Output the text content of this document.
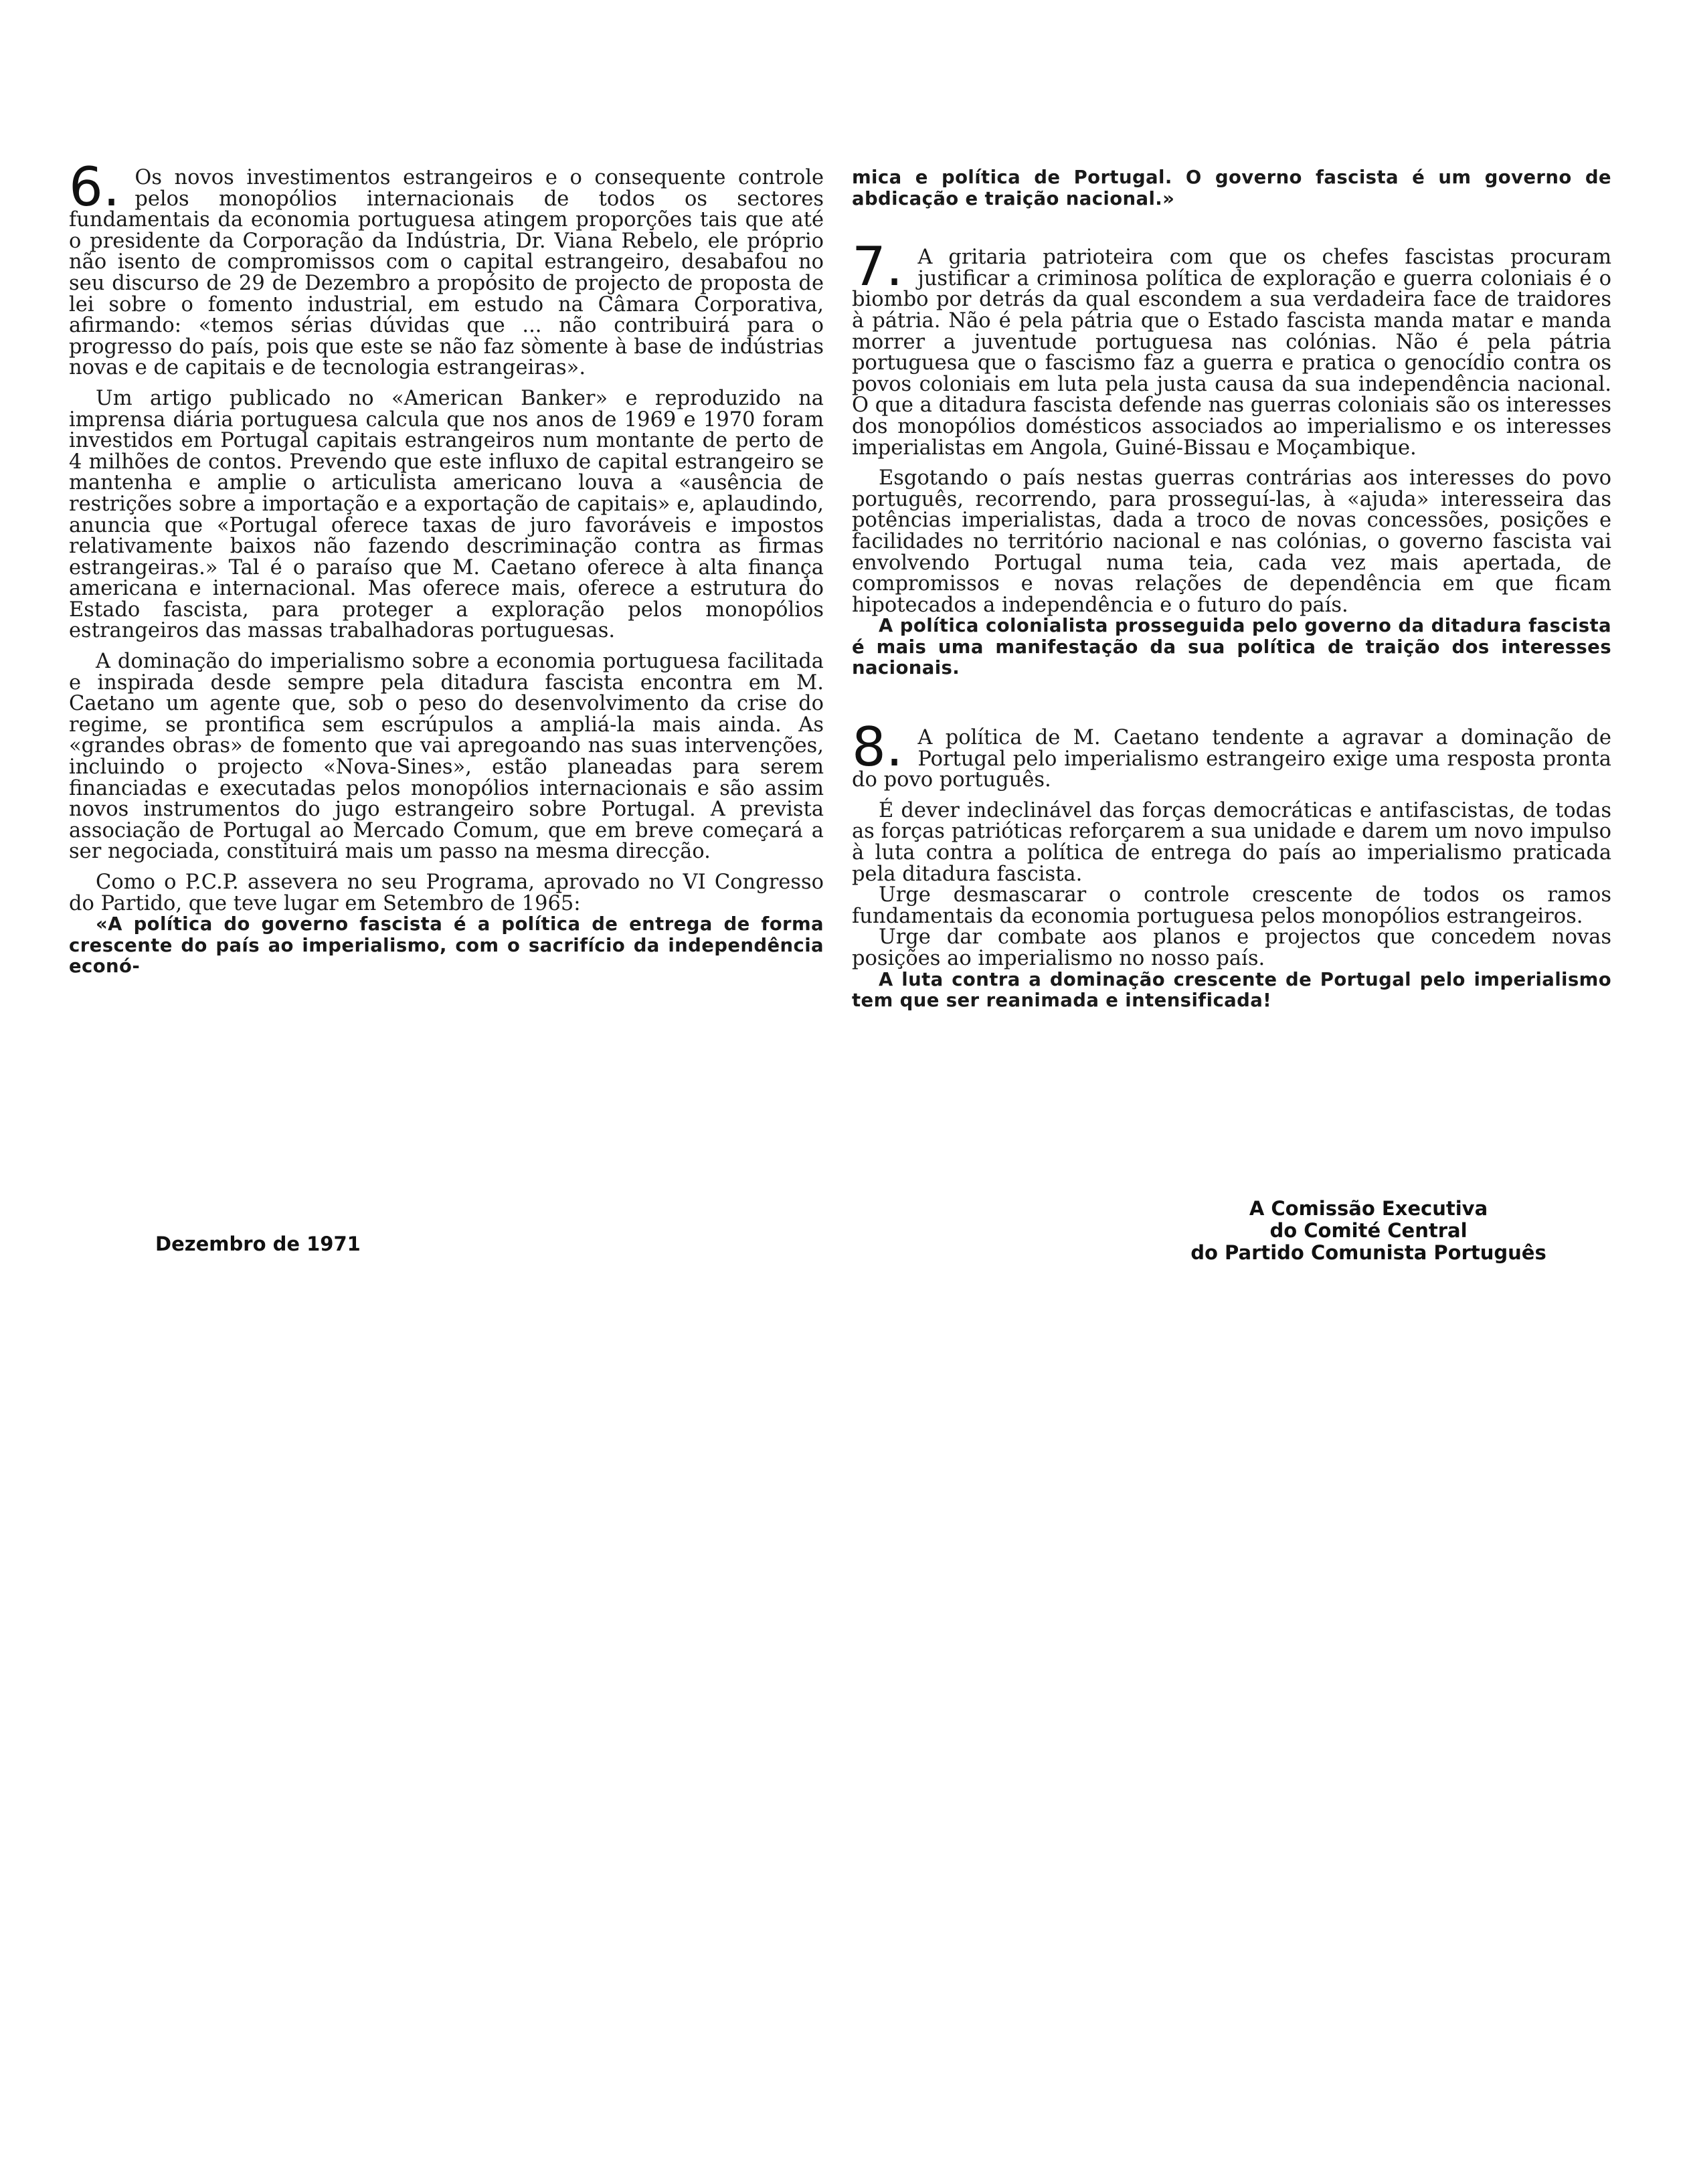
6. Os novos investimentos estrangeiros e o consequente controle pelos monopólios internacionais de todos os sectores fundamentais da economia portuguesa atingem proporções tais que até o presidente da Corporação da Indústria, Dr. Viana Rebelo, ele próprio não isento de compromissos com o capital estrangeiro, desabafou no seu discurso de 29 de Dezembro a propósito de projecto de proposta de lei sobre o fomento industrial, em estudo na Câmara Corporativa, afirmando: «temos sérias dúvidas que ... não contribuirá para o progresso do país, pois que este se não faz sòmente à base de indústrias novas e de capitais e de tecnologia estrangeiras».

Um artigo publicado no «American Banker» e reproduzido na imprensa diária portuguesa calcula que nos anos de 1969 e 1970 foram investidos em Portugal capitais estrangeiros num montante de perto de 4 milhões de contos. Prevendo que este influxo de capital estrangeiro se mantenha e amplie o articulista americano louva a «ausência de restrições sobre a importação e a exportação de capitais» e, aplaudindo, anuncia que «Portugal oferece taxas de juro favoráveis e impostos relativamente baixos não fazendo descriminação contra as firmas estrangeiras.» Tal é o paraíso que M. Caetano oferece à alta finança americana e internacional. Mas oferece mais, oferece a estrutura do Estado fascista, para proteger a exploração pelos monopólios estrangeiros das massas trabalhadoras portuguesas.

A dominação do imperialismo sobre a economia portuguesa facilitada e inspirada desde sempre pela ditadura fascista encontra em M. Caetano um agente que, sob o peso do desenvolvimento da crise do regime, se prontifica sem escrúpulos a ampliá-la mais ainda. As «grandes obras» de fomento que vai apregoando nas suas intervenções, incluindo o projecto «Nova-Sines», estão planeadas para serem financiadas e executadas pelos monopólios internacionais e são assim novos instrumentos do jugo estrangeiro sobre Portugal. A prevista associação de Portugal ao Mercado Comum, que em breve começará a ser negociada, constituirá mais um passo na mesma direcção.

Como o P.C.P. assevera no seu Programa, aprovado no VI Congresso do Partido, que teve lugar em Setembro de 1965:

«A política do governo fascista é a política de entrega de forma crescente do país ao imperialismo, com o sacrifício da independência econó-

mica e política de Portugal. O governo fascista é um governo de abdicação e traição nacional.»

7. A gritaria patrioteira com que os chefes fascistas procuram justificar a criminosa política de exploração e guerra coloniais é o biombo por detrás da qual escondem a sua verdadeira face de traidores à pátria. Não é pela pátria que o Estado fascista manda matar e manda morrer a juventude portuguesa nas colónias. Não é pela pátria portuguesa que o fascismo faz a guerra e pratica o genocídio contra os povos coloniais em luta pela justa causa da sua independência nacional. O que a ditadura fascista defende nas guerras coloniais são os interesses dos monopólios domésticos associados ao imperialismo e os interesses imperialistas em Angola, Guiné-Bissau e Moçambique.

Esgotando o país nestas guerras contrárias aos interesses do povo português, recorrendo, para prosseguí-las, à «ajuda» interesseira das potências imperialistas, dada a troco de novas concessões, posições e facilidades no território nacional e nas colónias, o governo fascista vai envolvendo Portugal numa teia, cada vez mais apertada, de compromissos e novas relações de dependência em que ficam hipotecados a independência e o futuro do país.

A política colonialista prosseguida pelo governo da ditadura fascista é mais uma manifestação da sua política de traição dos interesses nacionais.

8. A política de M. Caetano tendente a agravar a dominação de Portugal pelo imperialismo estrangeiro exige uma resposta pronta do povo português.

É dever indeclinável das forças democráticas e antifascistas, de todas as forças patrióticas reforçarem a sua unidade e darem um novo impulso à luta contra a política de entrega do país ao imperialismo praticada pela ditadura fascista.

Urge desmascarar o controle crescente de todos os ramos fundamentais da economia portuguesa pelos monopólios estrangeiros.

Urge dar combate aos planos e projectos que concedem novas posições ao imperialismo no nosso país.

A luta contra a dominação crescente de Portugal pelo imperialismo tem que ser reanimada e intensificada!

A Comissão Executiva
do Comité Central
do Partido Comunista Português
Dezembro de 1971
